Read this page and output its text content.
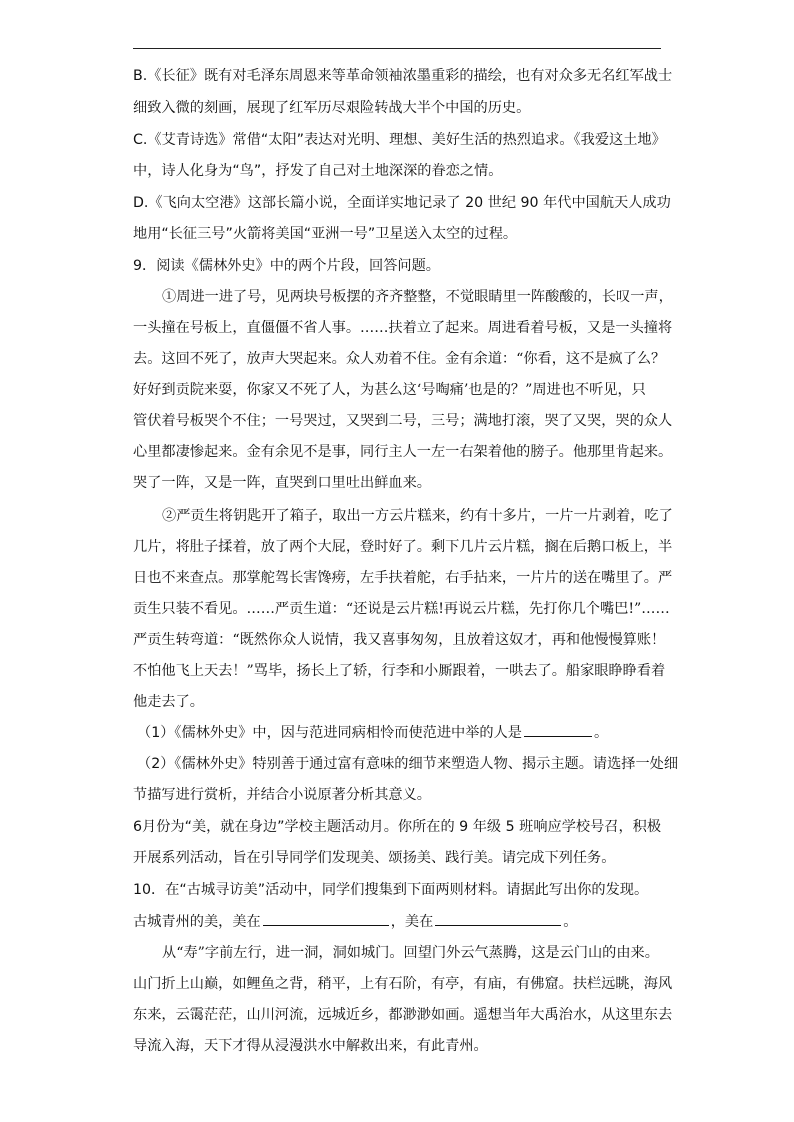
B.《长征》既有对毛泽东周恩来等革命领袖浓墨重彩的描绘，也有对众多无名红军战士
细致入微的刻画，展现了红军历尽艰险转战大半个中国的历史。
C.《艾青诗选》常借“太阳”表达对光明、理想、美好生活的热烈追求。《我爱这土地》
中，诗人化身为“鸟”，抒发了自己对土地深深的眷恋之情。
D.《飞向太空港》这部长篇小说，全面详实地记录了 20 世纪 90 年代中国航天人成功
地用“长征三号”火箭将美国“亚洲一号”卫星送入太空的过程。
9．阅读《儒林外史》中的两个片段，回答问题。
①周进一进了号，见两块号板摆的齐齐整整，不觉眼睛里一阵酸酸的，长叹一声，
一头撞在号板上，直僵僵不省人事。……扶着立了起来。周进看着号板，又是一头撞将
去。这回不死了，放声大哭起来。众人劝着不住。金有余道：“你看，这不是疯了么？
好好到贡院来耍，你家又不死了人，为甚么这‘号啕痛’也是的？”周进也不听见，只
管伏着号板哭个不住；一号哭过，又哭到二号，三号；满地打滚，哭了又哭，哭的众人
心里都凄惨起来。金有余见不是事，同行主人一左一右架着他的膀子。他那里肯起来。
哭了一阵，又是一阵，直哭到口里吐出鲜血来。
②严贡生将钥匙开了箱子，取出一方云片糕来，约有十多片，一片一片剥着，吃了
几片，将肚子揉着，放了两个大屁，登时好了。剩下几片云片糕，搁在后鹅口板上，半
日也不来查点。那掌舵驾长害馋痨，左手扶着舵，右手拈来，一片片的送在嘴里了。严
贡生只装不看见。……严贡生道：“还说是云片糕!再说云片糕，先打你几个嘴巴!”……
严贡生转弯道：“既然你众人说情，我又喜事匆匆，且放着这奴才，再和他慢慢算账！
不怕他飞上天去！”骂毕，扬长上了轿，行李和小厮跟着，一哄去了。船家眼睁睁看着
他走去了。
（1）《儒林外史》中，因与范进同病相怜而使范进中举的人是	。
（2）《儒林外史》特别善于通过富有意味的细节来塑造人物、揭示主题。请选择一处细
节描写进行赏析，并结合小说原著分析其意义。
6月份为“美，就在身边”学校主题活动月。你所在的 9 年级 5 班响应学校号召，积极
开展系列活动，旨在引导同学们发现美、颂扬美、践行美。请完成下列任务。
10．在“古城寻访美”活动中，同学们搜集到下面两则材料。请据此写出你的发现。
古城青州的美，美在	，美在	。
从“寿”字前左行，进一洞，洞如城门。回望门外云气蒸腾，这是云门山的由来。
山门折上山巅，如鲤鱼之背，稍平，上有石阶，有亭，有庙，有佛窟。扶栏远眺，海风
东来，云霭茫茫，山川河流，远城近乡，都渺渺如画。遥想当年大禹治水，从这里东去
导流入海，天下才得从浸漫洪水中解救出来，有此青州。
